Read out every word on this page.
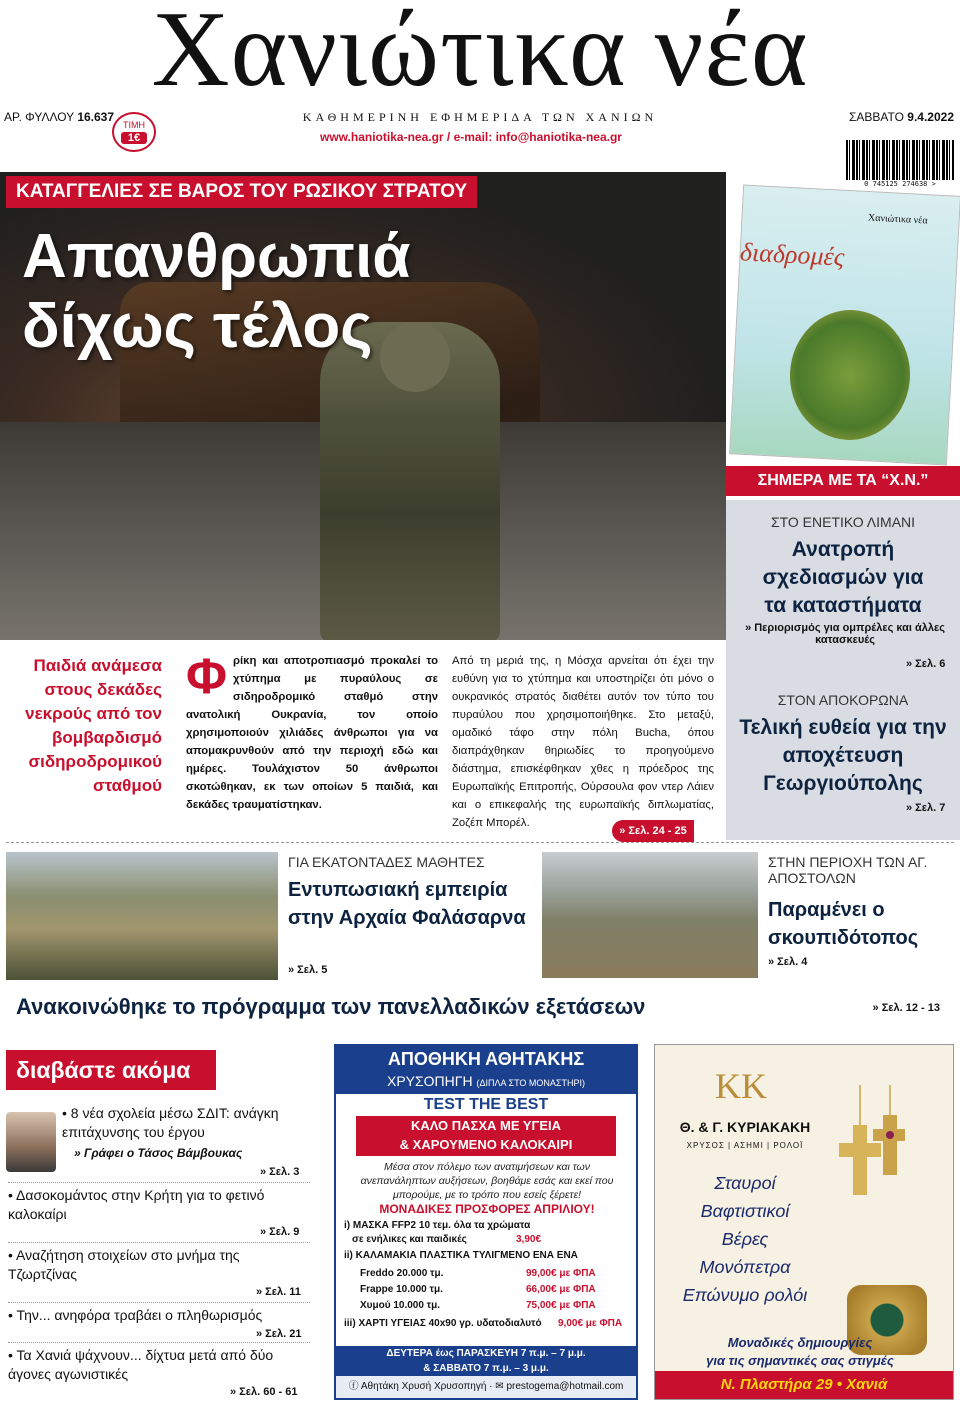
Χανιώτικα νέα
ΑΡ. ΦΥΛΛΟΥ 16.637
ΤΙΜΗ
1€
ΚΑΘΗΜΕΡΙΝΗ ΕΦΗΜΕΡΙΔΑ ΤΩΝ ΧΑΝΙΩΝ	ΣΑΒΒΑΤΟ 9.4.2022
www.haniotika-nea.gr / e-mail: info@haniotika-nea.gr
0 745125 274638 >
ΚΑΤΑΓΓΕΛΙΕΣ ΣΕ ΒΑΡΟΣ ΤΟΥ ΡΩΣΙΚΟΥ ΣΤΡΑΤΟΥ
Απανθρωπιά
δίχως τέλος
Χανιώτικα νέα
διαδρομές
ΣΗΜΕΡΑ ΜΕ ΤΑ “Χ.Ν.”
ΣΤΟ ΕΝΕΤΙΚΟ ΛΙΜΑΝΙ
Ανατροπή σχεδιασμών για τα καταστήματα
» Περιορισμός για ομπρέλες και άλλες κατασκευές
» Σελ. 6
ΣΤΟΝ ΑΠΟΚΟΡΩΝΑ
Τελική ευθεία για την αποχέτευση Γεωργιούπολης
» Σελ. 7
Παιδιά ανάμεσα στους δεκάδες νεκρούς από τον βομβαρδισμό σιδηροδρομικού σταθμού
Φρίκη και αποτροπιασμό προκαλεί το χτύπημα με πυραύλους σε σιδηροδρομικό σταθμό στην ανατολική Ουκρανία, τον οποίο χρησιμοποιούν χιλιάδες άνθρωποι για να απομακρυνθούν από την περιοχή εδώ και ημέρες. Τουλάχιστον 50 άνθρωποι σκοτώθηκαν, εκ των οποίων 5 παιδιά, και δεκάδες τραυματίστηκαν.
Από τη μεριά της, η Μόσχα αρνείται ότι έχει την ευθύνη για το χτύπημα και υποστηρίζει ότι μόνο ο ουκρανικός στρατός διαθέτει αυτόν τον τύπο του πυραύλου που χρησιμοποιήθηκε. Στο μεταξύ, ομαδικό τάφο στην πόλη Bucha, όπου διαπράχθηκαν θηριωδίες το προηγούμενο διάστημα, επισκέφθηκαν χθες η πρόεδρος της Ευρωπαϊκής Επιτροπής, Ούρσουλα φον ντερ Λάιεν και ο επικεφαλής της ευρωπαϊκής διπλωματίας, Ζοζέπ Μπορέλ.
» Σελ. 24 - 25
ΓΙΑ ΕΚΑΤΟΝΤΑΔΕΣ ΜΑΘΗΤΕΣ
Εντυπωσιακή εμπειρία στην Αρχαία Φαλάσαρνα
» Σελ. 5
ΣΤΗΝ ΠΕΡΙΟΧΗ ΤΩΝ ΑΓ. ΑΠΟΣΤΟΛΩΝ
Παραμένει ο σκουπιδότοπος
» Σελ. 4
Ανακοινώθηκε το πρόγραμμα των πανελλαδικών εξετάσεων	» Σελ. 12 - 13
διαβάστε ακόμα
• 8 νέα σχολεία μέσω ΣΔΙΤ: ανάγκη επιτάχυνσης του έργου
» Γράφει ο Τάσος Βάμβουκας
» Σελ. 3
• Δασοκομάντος στην Κρήτη για το φετινό καλοκαίρι
» Σελ. 9
• Αναζήτηση στοιχείων στο μνήμα της Τζωρτζίνας
» Σελ. 11
• Την... ανηφόρα τραβάει ο πληθωρισμός
» Σελ. 21
• Τα Χανιά ψάχνουν... δίχτυα μετά από δύο άγονες αγωνιστικές
» Σελ. 60 - 61
ΑΠΟΘΗΚΗ ΑΘΗΤΑΚΗΣ
ΧΡΥΣΟΠΗΓΗ (ΔΙΠΛΑ ΣΤΟ ΜΟΝΑΣΤΗΡΙ)
TEST THE BEST
ΚΑΛΟ ΠΑΣΧΑ ΜΕ ΥΓΕΙΑ
& ΧΑΡΟΥΜΕΝΟ ΚΑΛΟΚΑΙΡΙ
Μέσα στον πόλεμο των ανατιμήσεων και των ανεπανάληπτων αυξήσεων, βοηθάμε εσάς και εκεί που μπορούμε, με το τρόπο που εσείς ξέρετε!
ΜΟΝΑΔΙΚΕΣ ΠΡΟΣΦΟΡΕΣ ΑΠΡΙΛΙΟΥ!
i) ΜΑΣΚΑ FFP2 10 τεμ. όλα τα χρώματα
σε ενήλικες και παιδικές	3,90€
ii) ΚΑΛΑΜΑΚΙΑ ΠΛΑΣΤΙΚΑ ΤΥΛΙΓΜΕΝΟ ΕΝΑ ΕΝΑ
Freddo 20.000 τμ.	99,00€ με ΦΠΑ
Frappe 10.000 τμ.	66,00€ με ΦΠΑ
Χυμού 10.000 τμ.	75,00€ με ΦΠΑ
iii) ΧΑΡΤΙ ΥΓΕΙΑΣ 40x90 γρ. υδατοδιαλυτό 9,00€ με ΦΠΑ
ΔΕΥΤΕΡΑ έως ΠΑΡΑΣΚΕΥΗ 7 π.μ. – 7 μ.μ.
& ΣΑΒΒΑΤΟ 7 π.μ. – 3 μ.μ.
ⓕ Αθητάκη Χρυσή Χρυσοπηγή · ✉ prestogema@hotmail.com
KK
Θ. & Γ. ΚΥΡΙΑΚΑΚΗ
ΧΡΥΣΟΣ | ΑΣΗΜΙ | ΡΟΛΟΪ
Σταυροί
Βαφτιστικοί
Βέρες
Μονόπετρα
Επώνυμο ρολόι
Μοναδικές δημιουργίες
για τις σημαντικές σας στιγμές
Ν. Πλαστήρα 29 • Χανιά
